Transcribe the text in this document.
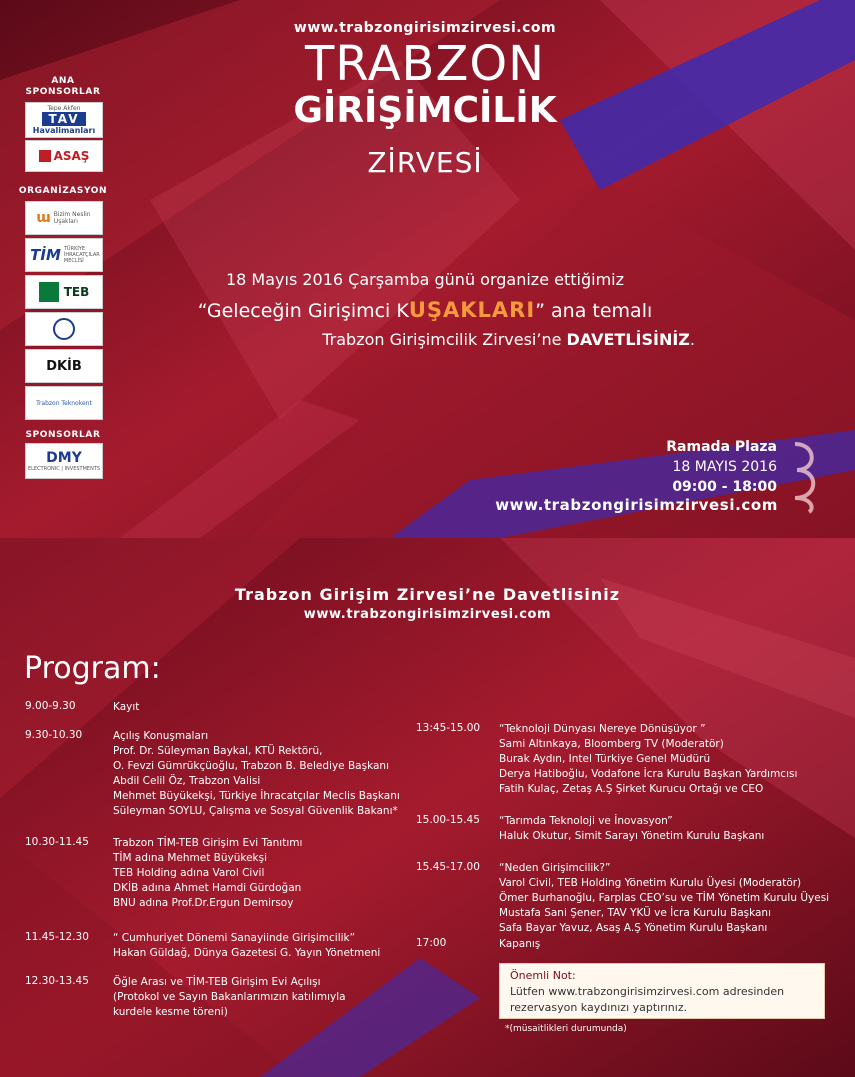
ANA
SPONSORLAR
Tepe Akfen
TAV
Havalimanları
ASAŞ
ORGANİZASYON
ɯ Bizim Neslin Uşakları
TİM TÜRKİYE İHRACATÇILAR MECLİSİ
TEB
DKİB
Trabzon Teknokent
SPONSORLAR
DMY
ELECTRONIC | INVESTMENTS
www.trabzongirisimzirvesi.com
TRABZON
GİRİŞİMCİLİK
ZİRVESİ
18 Mayıs 2016 Çarşamba günü organize ettiğimiz
“Geleceğin Girişimci KUŞAKLARI” ana temalı
Trabzon Girişimcilik Zirvesi’ne DAVETLİSİNİZ.
Ramada Plaza
18 MAYIS 2016
09:00 - 18:00
www.trabzongirisimzirvesi.com
Trabzon Girişim Zirvesi’ne Davetlisiniz
www.trabzongirisimzirvesi.com
Program:
9.00-9.30	Kayıt
9.30-10.30	Açılış Konuşmaları
Prof. Dr. Süleyman Baykal, KTÜ Rektörü,
O. Fevzi Gümrükçüoğlu, Trabzon B. Belediye Başkanı
Abdil Celil Öz, Trabzon Valisi
Mehmet Büyükekşi, Türkiye İhracatçılar Meclis Başkanı
Süleyman SOYLU, Çalışma ve Sosyal Güvenlik Bakanı*
10.30-11.45 Trabzon TİM-TEB Girişim Evi Tanıtımı
TİM adına Mehmet Büyükekşi
TEB Holding adına Varol Civil
DKİB adına Ahmet Hamdi Gürdoğan
BNU adına Prof.Dr.Ergun Demirsoy
11.45-12.30 “ Cumhuriyet Dönemi Sanayiinde Girişimcilik”
Hakan Güldağ, Dünya Gazetesi G. Yayın Yönetmeni
12.30-13.45 Öğle Arası ve TİM-TEB Girişim Evi Açılışı
(Protokol ve Sayın Bakanlarımızın katılımıyla
kurdele kesme töreni)
13:45-15.00 “Teknoloji Dünyası Nereye Dönüşüyor ”
Sami Altınkaya, Bloomberg TV (Moderatör)
Burak Aydın, Intel Türkiye Genel Müdürü
Derya Hatiboğlu, Vodafone İcra Kurulu Başkan Yardımcısı
Fatih Kulaç, Zetaş A.Ş Şirket Kurucu Ortağı ve CEO
15.00-15.45 “Tarımda Teknoloji ve İnovasyon”
Haluk Okutur, Simit Sarayı Yönetim Kurulu Başkanı
15.45-17.00 “Neden Girişimcilik?”
Varol Civil, TEB Holding Yönetim Kurulu Üyesi (Moderatör)
Ömer Burhanoğlu, Farplas CEO’su ve TİM Yönetim Kurulu Üyesi
Mustafa Sani Şener, TAV YKÜ ve İcra Kurulu Başkanı
Safa Bayar Yavuz, Asaş A.Ş Yönetim Kurulu Başkanı
17:00	Kapanış
Önemli Not:
Lütfen www.trabzongirisimzirvesi.com adresinden
rezervasyon kaydınızı yaptırınız.
*(müsaitlikleri durumunda)
